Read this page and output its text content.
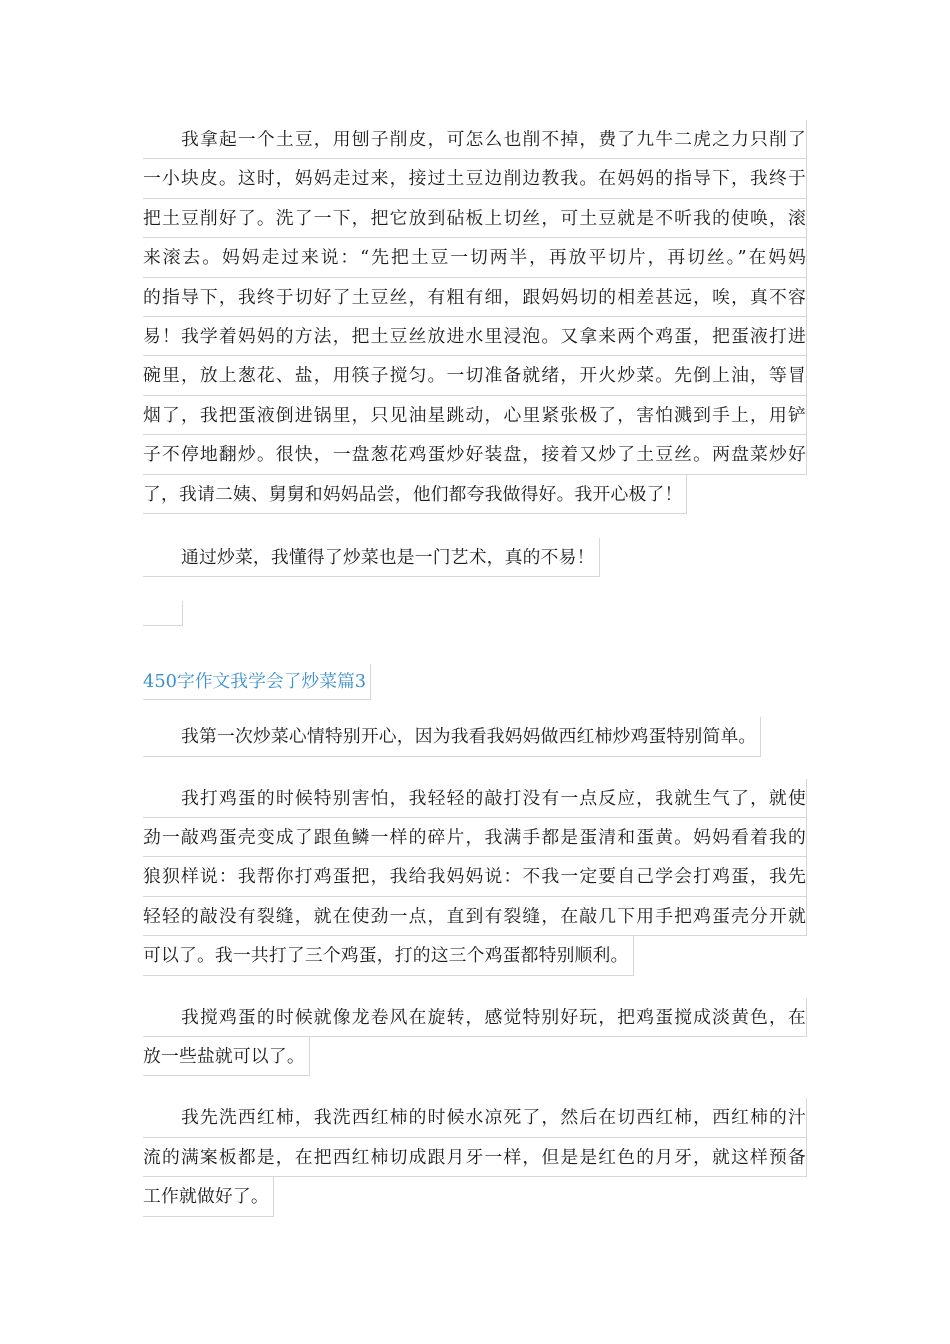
我拿起一个土豆，用刨子削皮，可怎么也削不掉，费了九牛二虎之力只削了
一小块皮。这时，妈妈走过来，接过土豆边削边教我。在妈妈的指导下，我终于
把土豆削好了。洗了一下，把它放到砧板上切丝，可土豆就是不听我的使唤，滚
来滚去。妈妈走过来说：“先把土豆一切两半，再放平切片，再切丝。”在妈妈
的指导下，我终于切好了土豆丝，有粗有细，跟妈妈切的相差甚远，唉，真不容
易！我学着妈妈的方法，把土豆丝放进水里浸泡。又拿来两个鸡蛋，把蛋液打进
碗里，放上葱花、盐，用筷子搅匀。一切准备就绪，开火炒菜。先倒上油，等冒
烟了，我把蛋液倒进锅里，只见油星跳动，心里紧张极了，害怕溅到手上，用铲
子不停地翻炒。很快，一盘葱花鸡蛋炒好装盘，接着又炒了土豆丝。两盘菜炒好
了，我请二姨、舅舅和妈妈品尝，他们都夸我做得好。我开心极了！
通过炒菜，我懂得了炒菜也是一门艺术，真的不易！
450字作文我学会了炒菜篇3
我第一次炒菜心情特别开心，因为我看我妈妈做西红柿炒鸡蛋特别简单。
我打鸡蛋的时候特别害怕，我轻轻的敲打没有一点反应，我就生气了，就使
劲一敲鸡蛋壳变成了跟鱼鳞一样的碎片，我满手都是蛋清和蛋黄。妈妈看着我的
狼狈样说：我帮你打鸡蛋把，我给我妈妈说：不我一定要自己学会打鸡蛋，我先
轻轻的敲没有裂缝，就在使劲一点，直到有裂缝，在敲几下用手把鸡蛋壳分开就
可以了。我一共打了三个鸡蛋，打的这三个鸡蛋都特别顺利。
我搅鸡蛋的时候就像龙卷风在旋转，感觉特别好玩，把鸡蛋搅成淡黄色，在
放一些盐就可以了。
我先洗西红柿，我洗西红柿的时候水凉死了，然后在切西红柿，西红柿的汁
流的满案板都是，在把西红柿切成跟月牙一样，但是是红色的月牙，就这样预备
工作就做好了。
